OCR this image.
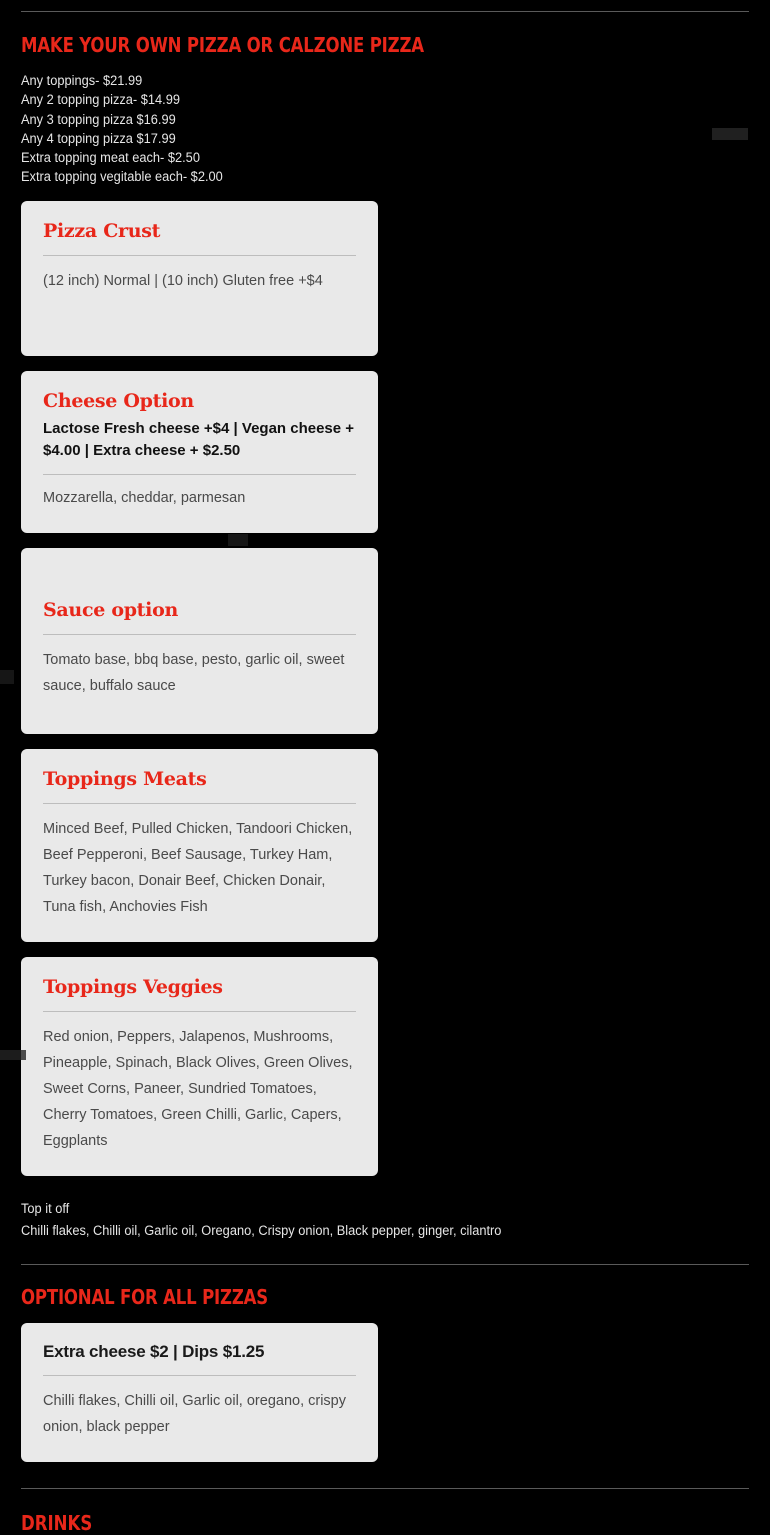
MAKE YOUR OWN PIZZA OR CALZONE PIZZA
Any toppings- $21.99
Any 2 topping pizza- $14.99
Any 3 topping pizza $16.99
Any 4 topping pizza $17.99
Extra topping meat each- $2.50
Extra topping vegitable each- $2.00
Pizza Crust
(12 inch) Normal | (10 inch) Gluten free +$4
Cheese Option
Lactose Fresh cheese +$4 | Vegan cheese + $4.00 | Extra cheese + $2.50
Mozzarella, cheddar, parmesan
Sauce option
Tomato base, bbq base, pesto, garlic oil, sweet sauce, buffalo sauce
Toppings Meats
Minced Beef, Pulled Chicken, Tandoori Chicken, Beef Pepperoni, Beef Sausage, Turkey Ham, Turkey bacon, Donair Beef, Chicken Donair, Tuna fish, Anchovies Fish
Toppings Veggies
Red onion, Peppers, Jalapenos, Mushrooms, Pineapple, Spinach, Black Olives, Green Olives, Sweet Corns, Paneer, Sundried Tomatoes, Cherry Tomatoes, Green Chilli, Garlic, Capers, Eggplants
Top it off
Chilli flakes, Chilli oil, Garlic oil, Oregano, Crispy onion, Black pepper, ginger, cilantro
OPTIONAL FOR ALL PIZZAS
Extra cheese $2 | Dips $1.25
Chilli flakes, Chilli oil, Garlic oil, oregano, crispy onion, black pepper
DRINKS
